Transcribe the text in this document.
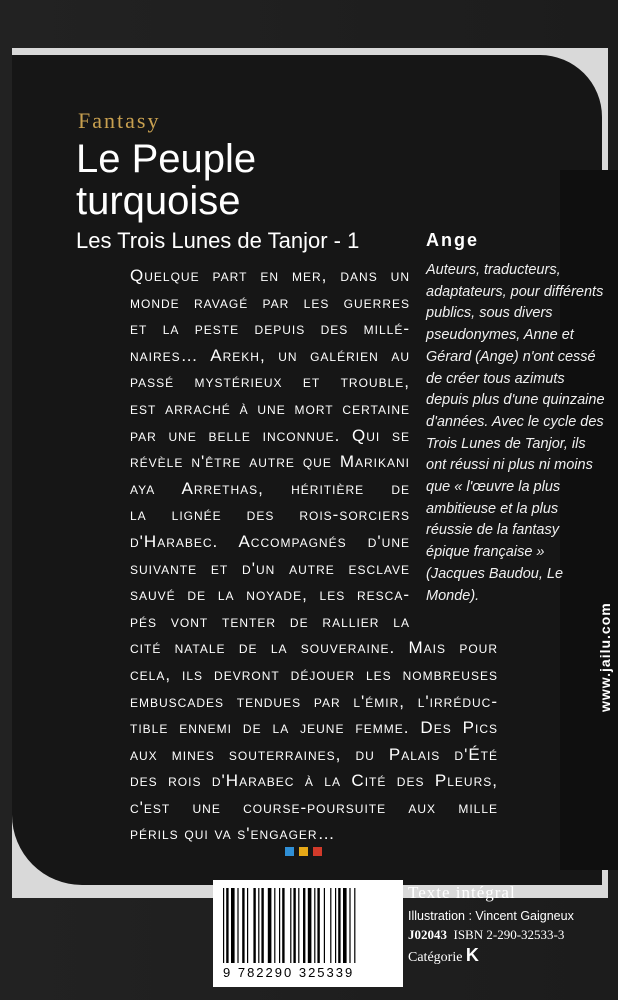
Fantasy
Le Peuple turquoise
Les Trois Lunes de Tanjor - 1	Ange
Quelque part en mer, dans un
monde ravagé par les guerres
et la peste depuis des millé-
naires… Arekh, un galérien au
passé mystérieux et trouble,
est arraché à une mort certaine
par une belle inconnue. Qui se
révèle n'être autre que Marikani
aya Arrethas, héritière de
la lignée des rois-sorciers
d'Harabec. Accompagnés d'une
suivante et d'un autre esclave
sauvé de la noyade, les resca-
pés vont tenter de rallier la
cité natale de la souveraine. Mais pour
cela, ils devront déjouer les nombreuses
embuscades tendues par l'émir, l'irréduc-
tible ennemi de la jeune femme. Des Pics
aux mines souterraines, du Palais d'Été
des rois d'Harabec à la Cité des Pleurs,
c'est une course-poursuite aux mille
périls qui va s'engager…
Auteurs, traducteurs,
adaptateurs, pour différents
publics, sous divers
pseudonymes, Anne et
Gérard (Ange) n'ont cessé
de créer tous azimuts
depuis plus d'une quinzaine
d'années. Avec le cycle des
Trois Lunes de Tanjor, ils
ont réussi ni plus ni moins
que « l'œuvre la plus
ambitieuse et la plus
réussie de la fantasy
épique française »
(Jacques Baudou, Le
Monde).
www.jailu.com
9 782290 325339
Texte intégral
Illustration : Vincent Gaigneux
J02043 ISBN 2-290-32533-3
Catégorie K
